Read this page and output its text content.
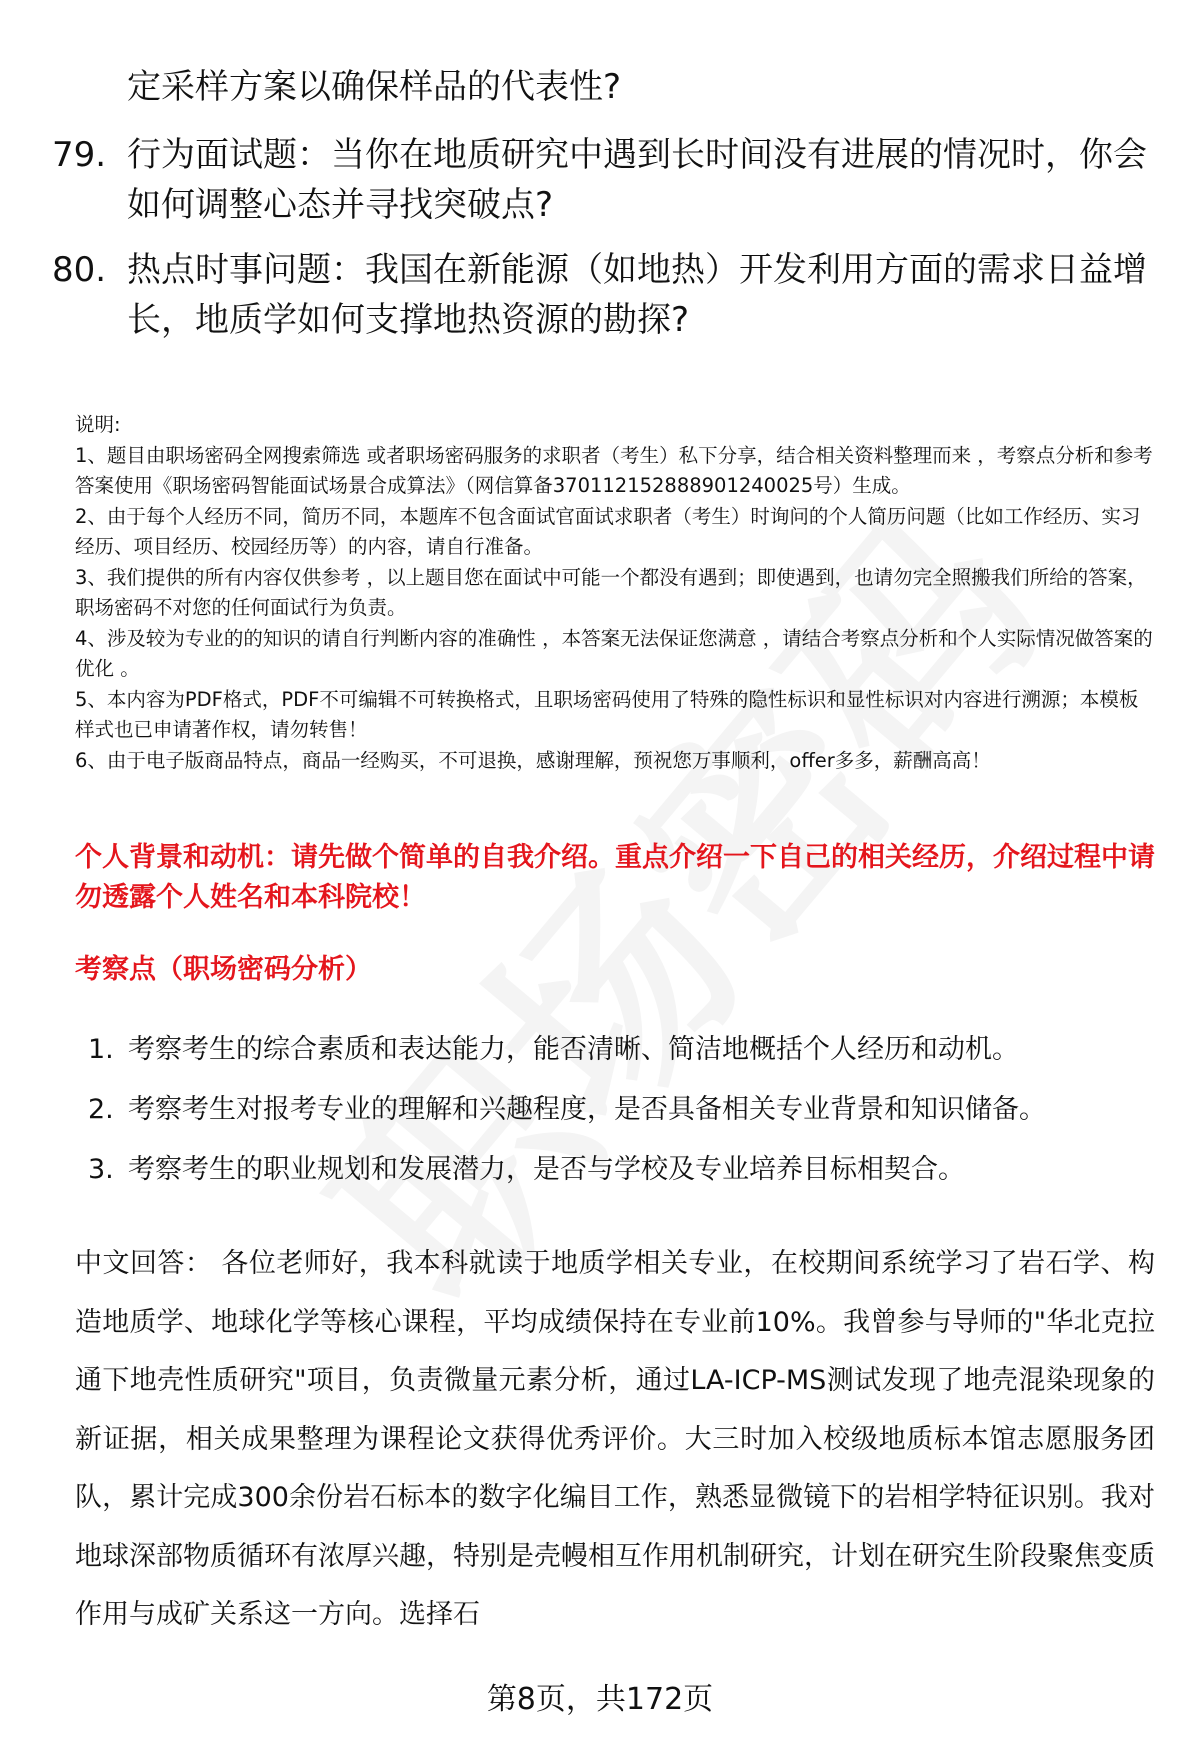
定采样方案以确保样品的代表性?
79. 行为面试题：当你在地质研究中遇到长时间没有进展的情况时，你会如何调整心态并寻找突破点?
80. 热点时事问题：我国在新能源（如地热）开发利用方面的需求日益增长，地质学如何支撑地热资源的勘探?

说明:

1、题目由职场密码全网搜索筛选 或者职场密码服务的求职者（考生）私下分享，结合相关资料整理而来 ，考察点分析和参考答案使用《职场密码智能面试场景合成算法》（网信算备370112152888901240025号）生成。

2、由于每个人经历不同，简历不同，本题库不包含面试官面试求职者（考生）时询问的个人简历问题（比如工作经历、实习经历、项目经历、校园经历等）的内容，请自行准备。

3、我们提供的所有内容仅供参考 ，以上题目您在面试中可能一个都没有遇到；即使遇到，也请勿完全照搬我们所给的答案，职场密码不对您的任何面试行为负责。

4、涉及较为专业的的知识的请自行判断内容的准确性 ，本答案无法保证您满意 ，请结合考察点分析和个人实际情况做答案的优化 。

5、本内容为PDF格式，PDF不可编辑不可转换格式，且职场密码使用了特殊的隐性标识和显性标识对内容进行溯源；本模板样式也已申请著作权，请勿转售！

6、由于电子版商品特点，商品一经购买，不可退换，感谢理解，预祝您万事顺利，offer多多，薪酬高高！

个人背景和动机：请先做个简单的自我介绍。重点介绍一下自己的相关经历，介绍过程中请勿透露个人姓名和本科院校！
考察点（职场密码分析）
1. 考察考生的综合素质和表达能力，能否清晰、简洁地概括个人经历和动机。
2. 考察考生对报考专业的理解和兴趣程度，是否具备相关专业背景和知识储备。
3. 考察考生的职业规划和发展潜力，是否与学校及专业培养目标相契合。
中文回答： 各位老师好，我本科就读于地质学相关专业，在校期间系统学习了岩石学、构造地质学、地球化学等核心课程，平均成绩保持在专业前10%。我曾参与导师的"华北克拉通下地壳性质研究"项目，负责微量元素分析，通过LA-ICP-MS测试发现了地壳混染现象的新证据，相关成果整理为课程论文获得优秀评价。大三时加入校级地质标本馆志愿服务团队，累计完成300余份岩石标本的数字化编目工作，熟悉显微镜下的岩相学特征识别。我对地球深部物质循环有浓厚兴趣，特别是壳幔相互作用机制研究，计划在研究生阶段聚焦变质作用与成矿关系这一方向。选择石
第8页，共172页
